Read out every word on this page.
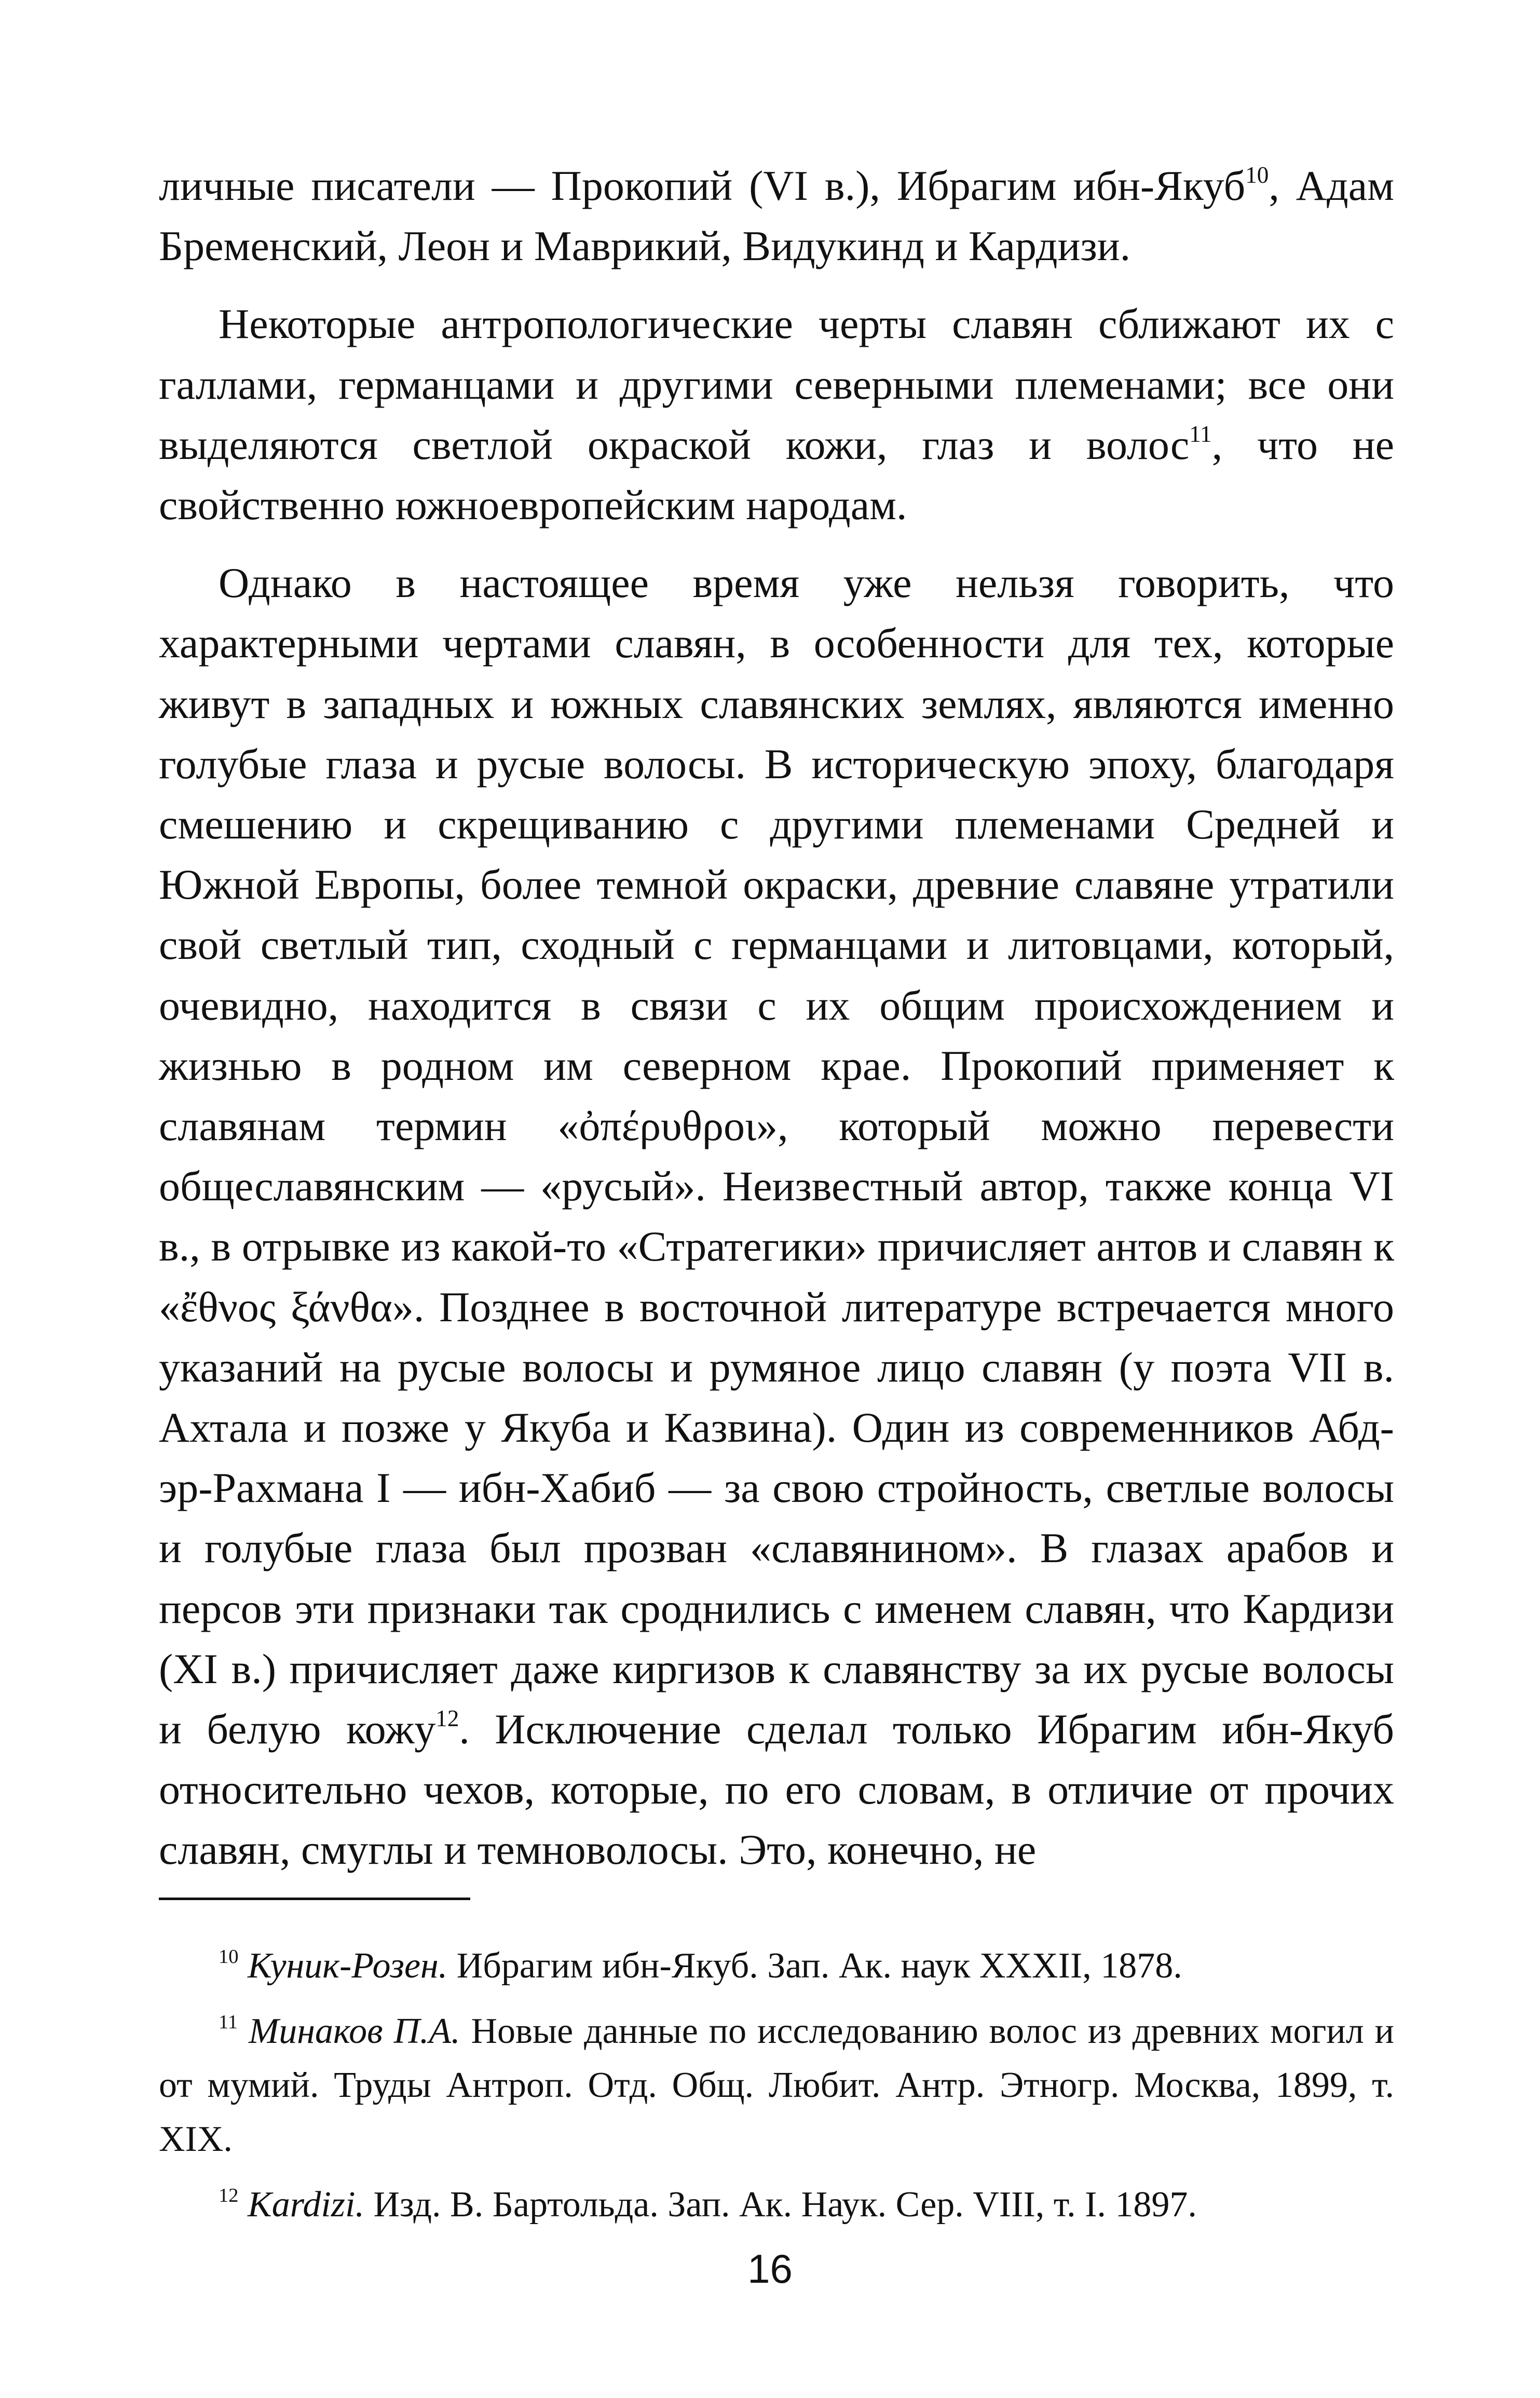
личные писатели — Прокопий (VI в.), Ибрагим ибн-Якуб$^{10}$, Адам Бременский, Леон и Маврикий, Видукинд и Кардизи.

Некоторые антропологические черты славян сближают их с галлами, германцами и другими северными племенами; все они выделяются светлой окраской кожи, глаз и волос$^{11}$, что не свойственно южноевропейским народам.

Однако в настоящее время уже нельзя говорить, что характерными чертами славян, в особенности для тех, которые живут в западных и южных славянских землях, являются именно голубые глаза и русые волосы. В историческую эпоху, благодаря смешению и скрещиванию с другими племенами Средней и Южной Европы, более темной окраски, древние славяне утратили свой светлый тип, сходный с германцами и литовцами, который, очевидно, находится в связи с их общим происхождением и жизнью в родном им северном крае. Прокопий применяет к славянам термин «ὀπέρυθροι», который можно перевести общеславянским — «русый». Неизвестный автор, также конца VI в., в отрывке из какой-то «Стратегики» причисляет антов и славян к «ἔθνος ξάνθα». Позднее в восточной литературе встречается много указаний на русые волосы и румяное лицо славян (у поэта VII в. Ахтала и позже у Якуба и Казвина). Один из современников Абд-эр-Рахмана I — ибн-Хабиб — за свою стройность, светлые волосы и голубые глаза был прозван «славянином». В глазах арабов и персов эти признаки так сроднились с именем славян, что Кардизи (XI в.) причисляет даже киргизов к славянству за их русые волосы и белую кожу$^{12}$. Исключение сделал только Ибрагим ибн-Якуб относительно чехов, которые, по его словам, в отличие от прочих славян, смуглы и темноволосы. Это, конечно, не

$^{10}$ Куник-Розен. Ибрагим ибн-Якуб. Зап. Ак. наук XXXII, 1878.

$^{11}$ Минаков П.А. Новые данные по исследованию волос из древних могил и от мумий. Труды Антроп. Отд. Общ. Любит. Антр. Этногр. Москва, 1899, т. XIX.

$^{12}$ Kardizi. Изд. В. Бартольда. Зап. Ак. Наук. Сер. VIII, т. I. 1897.

16
